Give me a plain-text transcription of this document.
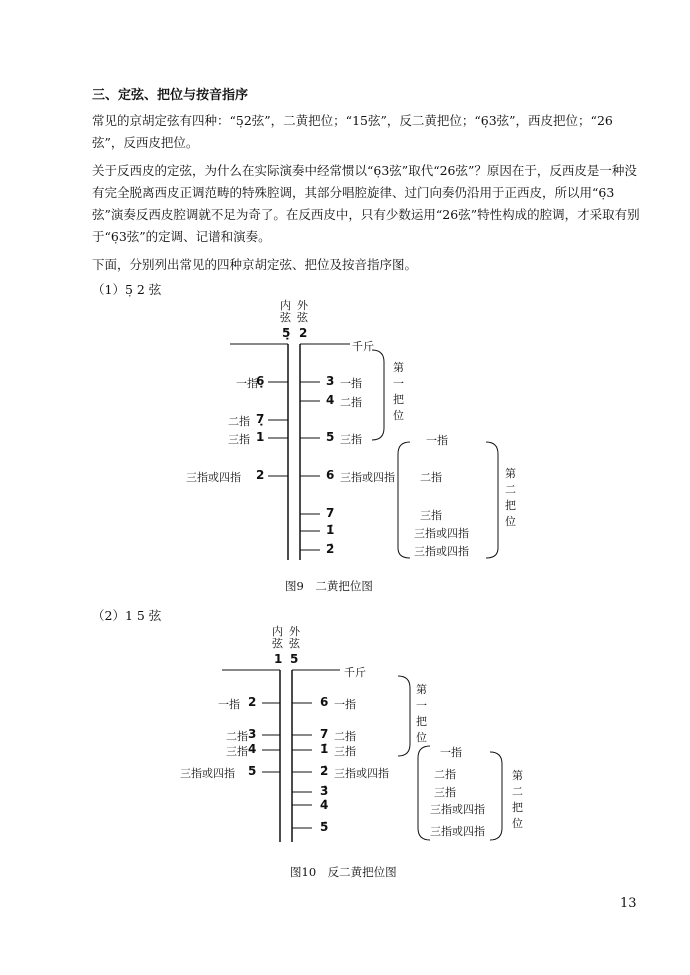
三、定弦、把位与按音指序
常见的京胡定弦有四种：“5̣2弦”，二黄把位；“15弦”，反二黄把位；“6̣3弦”，西皮把位；“26弦”，反西皮把位。
关于反西皮的定弦，为什么在实际演奏中经常惯以“6̣3弦”取代“26弦”？原因在于，反西皮是一种没有完全脱离西皮正调范畴的特殊腔调，其部分唱腔旋律、过门向奏仍沿用于正西皮，所以用“6̣3弦”演奏反西皮腔调就不足为奇了。在反西皮中，只有少数运用“26弦”特性构成的腔调，才采取有别于“6̣3弦”的定调、记谱和演奏。
下面，分别列出常见的四种京胡定弦、把位及按音指序图。
（1）5̣ 2 弦
内弦
外弦
5̣ 2
千斤
一指
6̣
二指 7̣
三指 1
三指或四指 2
3 一指
4 二指
5 三指
6 三指或四指
7
1̇
2̇
一指
二指
三指
三指或四指
三指或四指
第一把位
第二把位
图9　二黄把位图
（2）1 5 弦
内弦
外弦
1 5
千斤
一指 2
二指 3
三指 4
三指或四指 5
6 一指
7 二指
1̇ 三指
2̇ 三指或四指
3̇
4̇
5̇
一指
二指
三指
三指或四指
三指或四指
第一把位
第二把位
图10　反二黄把位图
13
